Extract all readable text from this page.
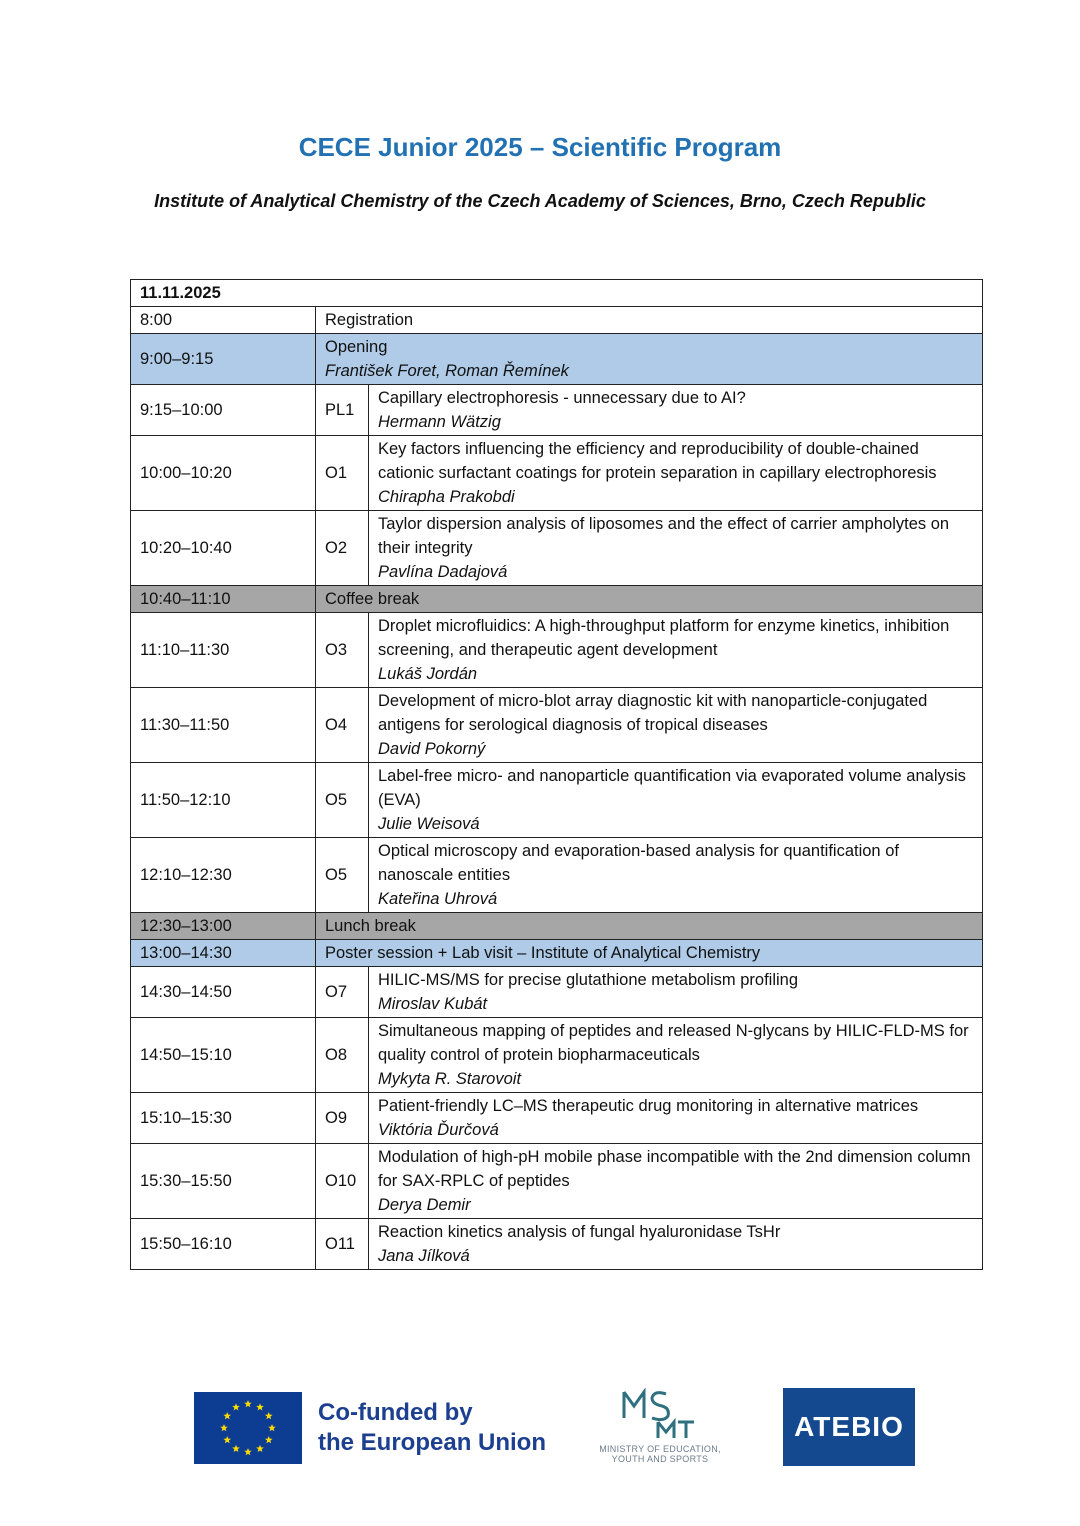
CECE Junior 2025 – Scientific Program
Institute of Analytical Chemistry of the Czech Academy of Sciences, Brno, Czech Republic
11.11.2025		
8:00	Registration	

9:00–9:15	Opening
František Foret, Roman Řemínek	

9:15–10:00	PL1	Capillary electrophoresis - unnecessary due to AI?
Hermann Wätzig

10:00–10:20	O1	Key factors influencing the efficiency and reproducibility of double-chained cationic surfactant coatings for protein separation in capillary electrophoresis
Chirapha Prakobdi

10:20–10:40	O2	Taylor dispersion analysis of liposomes and the effect of carrier ampholytes on their integrity
Pavlína Dadajová

10:40–11:10	Coffee break	

11:10–11:30	O3	Droplet microfluidics: A high-throughput platform for enzyme kinetics, inhibition screening, and therapeutic agent development
Lukáš Jordán

11:30–11:50	O4	Development of micro-blot array diagnostic kit with nanoparticle-conjugated antigens for serological diagnosis of tropical diseases
David Pokorný

11:50–12:10	O5	Label-free micro- and nanoparticle quantification via evaporated volume analysis (EVA)
Julie Weisová

12:10–12:30	O5	Optical microscopy and evaporation-based analysis for quantification of nanoscale entities
Kateřina Uhrová

12:30–13:00	Lunch break	

13:00–14:30	Poster session + Lab visit – Institute of Analytical Chemistry	

14:30–14:50	O7	HILIC-MS/MS for precise glutathione metabolism profiling
Miroslav Kubát

14:50–15:10	O8	Simultaneous mapping of peptides and released N-glycans by HILIC-FLD-MS for quality control of protein biopharmaceuticals
Mykyta R. Starovoit

15:10–15:30	O9	Patient-friendly LC–MS therapeutic drug monitoring in alternative matrices
Viktória Ďurčová

15:30–15:50	O10	Modulation of high-pH mobile phase incompatible with the 2nd dimension column for SAX-RPLC of peptides
Derya Demir

15:50–16:10	O11	Reaction kinetics analysis of fungal hyaluronidase TsHr
Jana Jílková
Co-funded by
the European Union	MINISTRY OF EDUCATION,
YOUTH AND SPORTS
ATEBIO
